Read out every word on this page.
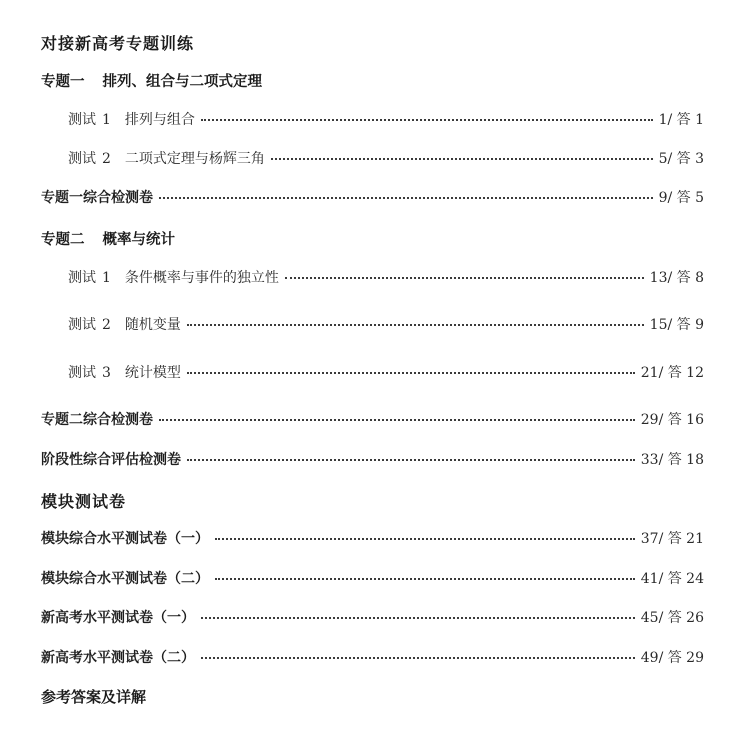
对接新高考专题训练
专题一 排列、组合与二项式定理
测试 1 排列与组合	1/ 答 1
测试 2 二项式定理与杨辉三角	5/ 答 3
专题一综合检测卷	9/ 答 5
专题二 概率与统计
测试 1 条件概率与事件的独立性	13/ 答 8
测试 2 随机变量	15/ 答 9
测试 3 统计模型	21/ 答 12
专题二综合检测卷	29/ 答 16
阶段性综合评估检测卷	33/ 答 18
模块测试卷
模块综合水平测试卷（一）	37/ 答 21
模块综合水平测试卷（二）	41/ 答 24
新高考水平测试卷（一）	45/ 答 26
新高考水平测试卷（二）	49/ 答 29
参考答案及详解
